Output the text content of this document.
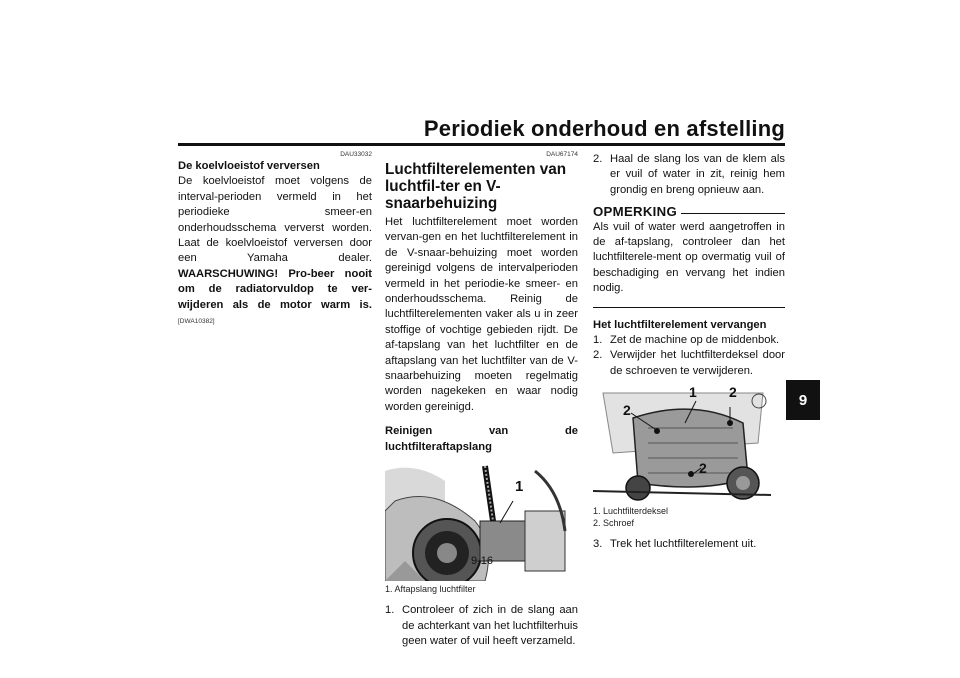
Periodiek onderhoud en afstelling
9
DAU33032
De koelvloeistof verversen

De koelvloeistof moet volgens de interval-perioden vermeld in het periodieke smeer-en onderhoudsschema ververst worden. Laat de koelvloeistof verversen door een Yamaha dealer. WAARSCHUWING! Pro-beer nooit om de radiatorvuldop te ver-wijderen als de motor warm is. [DWA10382]

DAU67174
Luchtfilterelementen van luchtfil-ter en V-snaarbehuizing

Het luchtfilterelement moet worden vervan-gen en het luchtfilterelement in de V-snaar-behuizing moet worden gereinigd volgens de intervalperioden vermeld in het periodie-ke smeer- en onderhoudsschema. Reinig de luchtfilterelementen vaker als u in zeer stoffige of vochtige gebieden rijdt. De af-tapslang van het luchtfilter en de aftapslang van het luchtfilter van de V-snaarbehuizing moeten regelmatig worden nagekeken en waar nodig worden gereinigd.

Reinigen van de luchtfilteraftapslang
1
1. Aftapslang luchtfilter
1. Controleer of zich in de slang aan de achterkant van het luchtfilterhuis geen water of vuil heeft verzameld.
2. Haal de slang los van de klem als er vuil of water in zit, reinig hem grondig en breng opnieuw aan.
OPMERKING

Als vuil of water werd aangetroffen in de af-tapslang, controleer dan het luchtfilterele-ment op overmatig vuil of beschadiging en vervang het indien nodig.

Het luchtfilterelement vervangen
1. Zet de machine op de middenbok.
2. Verwijder het luchtfilterdeksel door de schroeven te verwijderen.
1
2
2
2
1. Luchtfilterdeksel
2. Schroef
3. Trek het luchtfilterelement uit.
9-16
